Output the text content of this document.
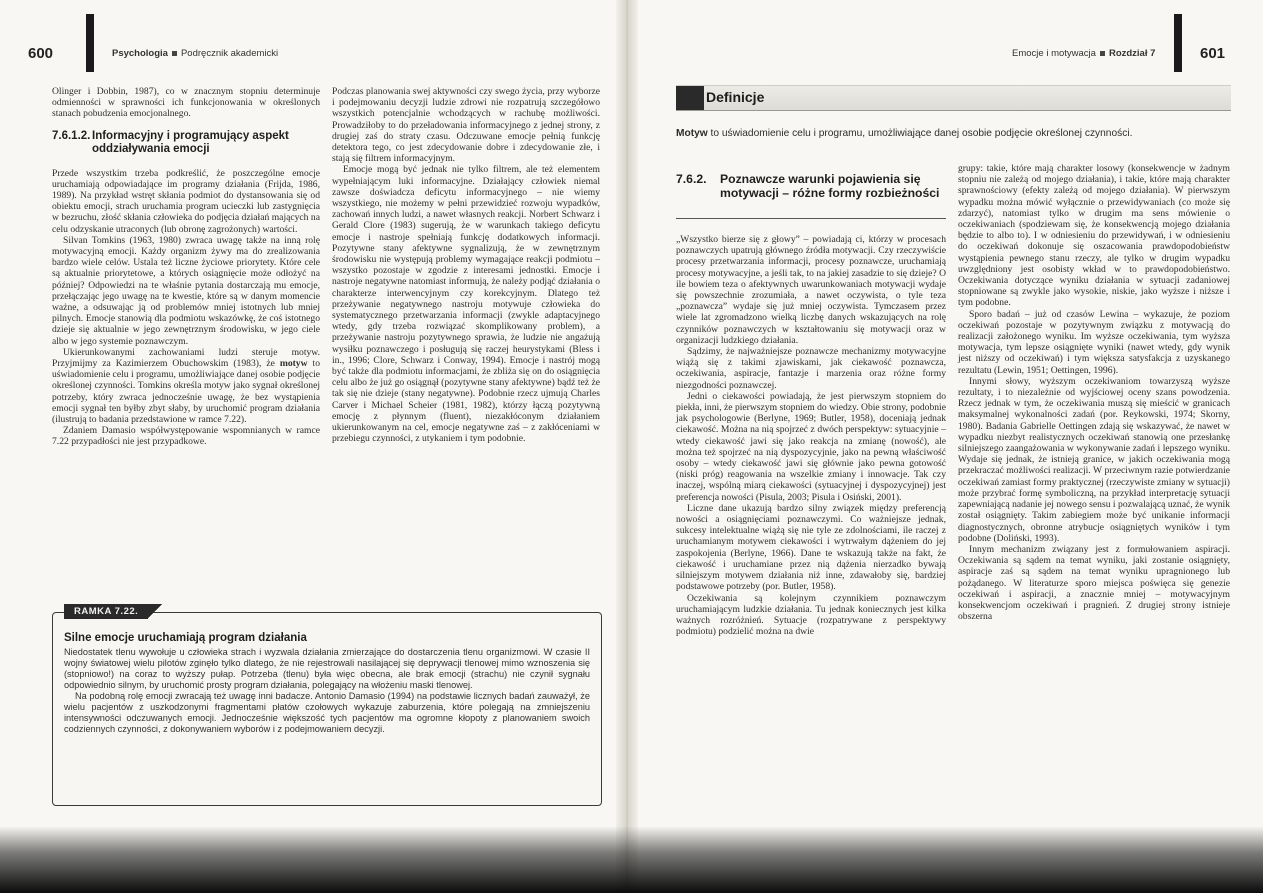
600	Psychologia Podręcznik akademicki

Olinger i Dobbin, 1987), co w znacznym stopniu determinuje odmienności w sprawności ich funkcjonowania w określonych stanach pobudzenia emocjonalnego.

7.6.1.2. Informacyjny i programujący aspekt oddziaływania emocji

Przede wszystkim trzeba podkreślić, że poszczególne emocje uruchamiają odpowiadające im programy działania (Frijda, 1986, 1989). Na przykład wstręt skłania podmiot do dystansowania się od obiektu emocji, strach uruchamia program ucieczki lub zastygnięcia w bezruchu, złość skłania człowieka do podjęcia działań mających na celu odzyskanie utraconych (lub obronę zagrożonych) wartości.

Silvan Tomkins (1963, 1980) zwraca uwagę także na inną rolę motywacyjną emocji. Każdy organizm żywy ma do zrealizowania bardzo wiele celów. Ustala też liczne życiowe priorytety. Które cele są aktualnie priorytetowe, a których osiągnięcie może odłożyć na później? Odpowiedzi na te właśnie pytania dostarczają mu emocje, przełączając jego uwagę na te kwestie, które są w danym momencie ważne, a odsuwając ją od problemów mniej istotnych lub mniej pilnych. Emocje stanowią dla podmiotu wskazówkę, że coś istotnego dzieje się aktualnie w jego zewnętrznym środowisku, w jego ciele albo w jego systemie poznawczym.

Ukierunkowanymi zachowaniami ludzi steruje motyw. Przyjmijmy za Kazimierzem Obuchowskim (1983), że motyw to uświadomienie celu i programu, umożliwiające danej osobie podjęcie określonej czynności. Tomkins określa motyw jako sygnał określonej potrzeby, który zwraca jednocześnie uwagę, że bez wystąpienia emocji sygnał ten byłby zbyt słaby, by uruchomić program działania (ilustrują to badania przedstawione w ramce 7.22).

Zdaniem Damasio współwystępowanie wspomnianych w ramce 7.22 przypadłości nie jest przypadkowe.

Podczas planowania swej aktywności czy swego życia, przy wyborze i podejmowaniu decyzji ludzie zdrowi nie rozpatrują szczegółowo wszystkich potencjalnie wchodzących w rachubę możliwości. Prowadziłoby to do przeładowania informacyjnego z jednej strony, z drugiej zaś do straty czasu. Odczuwane emocje pełnią funkcję detektora tego, co jest zdecydowanie dobre i zdecydowanie złe, i stają się filtrem informacyjnym.

Emocje mogą być jednak nie tylko filtrem, ale też elementem wypełniającym luki informacyjne. Działający człowiek niemal zawsze doświadcza deficytu informacyjnego – nie wiemy wszystkiego, nie możemy w pełni przewidzieć rozwoju wypadków, zachowań innych ludzi, a nawet własnych reakcji. Norbert Schwarz i Gerald Clore (1983) sugerują, że w warunkach takiego deficytu emocje i nastroje spełniają funkcję dodatkowych informacji. Pozytywne stany afektywne sygnalizują, że w zewnętrznym środowisku nie występują problemy wymagające reakcji podmiotu – wszystko pozostaje w zgodzie z interesami jednostki. Emocje i nastroje negatywne natomiast informują, że należy podjąć działania o charakterze interwencyjnym czy korekcyjnym. Dlatego też przeżywanie negatywnego nastroju motywuje człowieka do systematycznego przetwarzania informacji (zwykle adaptacyjnego wtedy, gdy trzeba rozwiązać skomplikowany problem), a przeżywanie nastroju pozytywnego sprawia, że ludzie nie angażują wysiłku poznawczego i posługują się raczej heurystykami (Bless i in., 1996; Clore, Schwarz i Conway, 1994). Emocje i nastrój mogą być także dla podmiotu informacjami, że zbliża się on do osiągnięcia celu albo że już go osiągnął (pozytywne stany afektywne) bądź też że tak się nie dzieje (stany negatywne). Podobnie rzecz ujmują Charles Carver i Michael Scheier (1981, 1982), którzy łączą pozytywną emocję z płynnym (fluent), niezakłóconym działaniem ukierunkowanym na cel, emocje negatywne zaś – z zakłóceniami w przebiegu czynności, z utykaniem i tym podobnie.

RAMKA 7.22.
Silne emocje uruchamiają program działania

Niedostatek tlenu wywołuje u człowieka strach i wyzwala działania zmierzające do dostarczenia tlenu organizmowi. W czasie II wojny światowej wielu pilotów zginęło tylko dlatego, że nie rejestrowali nasilającej się deprywacji tlenowej mimo wznoszenia się (stopniowo!) na coraz to wyższy pułap. Potrzeba (tlenu) była więc obecna, ale brak emocji (strachu) nie czynił sygnału odpowiednio silnym, by uruchomić prosty program działania, polegający na włożeniu maski tlenowej.

Na podobną rolę emocji zwracają też uwagę inni badacze. Antonio Damasio (1994) na podstawie licznych badań zauważył, że wielu pacjentów z uszkodzonymi fragmentami płatów czołowych wykazuje zaburzenia, które polegają na zmniejszeniu intensywności odczuwanych emocji. Jednocześnie większość tych pacjentów ma ogromne kłopoty z planowaniem swoich codziennych czynności, z dokonywaniem wyborów i z podejmowaniem decyzji.

Emocje i motywacja Rozdział 7	601
Definicje
Motyw to uświadomienie celu i programu, umożliwiające danej osobie podjęcie określonej czynności.
7.6.2. Poznawcze warunki pojawienia się motywacji – różne formy rozbieżności

„Wszystko bierze się z głowy” – powiadają ci, którzy w procesach poznawczych upatrują głównego źródła motywacji. Czy rzeczywiście procesy przetwarzania informacji, procesy poznawcze, uruchamiają procesy motywacyjne, a jeśli tak, to na jakiej zasadzie to się dzieje? O ile bowiem teza o afektywnych uwarunkowaniach motywacji wydaje się powszechnie zrozumiała, a nawet oczywista, o tyle teza „poznawcza” wydaje się już mniej oczywista. Tymczasem przez wiele lat zgromadzono wielką liczbę danych wskazujących na rolę czynników poznawczych w kształtowaniu się motywacji oraz w organizacji ludzkiego działania.

Sądzimy, że najważniejsze poznawcze mechanizmy motywacyjne wiążą się z takimi zjawiskami, jak ciekawość poznawcza, oczekiwania, aspiracje, fantazje i marzenia oraz różne formy niezgodności poznawczej.

Jedni o ciekawości powiadają, że jest pierwszym stopniem do piekła, inni, że pierwszym stopniem do wiedzy. Obie strony, podobnie jak psychologowie (Berlyne, 1969; Butler, 1958), doceniają jednak ciekawość. Można na nią spojrzeć z dwóch perspektyw: sytuacyjnie – wtedy ciekawość jawi się jako reakcja na zmianę (nowość), ale można też spojrzeć na nią dyspozycyjnie, jako na pewną właściwość osoby – wtedy ciekawość jawi się głównie jako pewna gotowość (niski próg) reagowania na wszelkie zmiany i innowacje. Tak czy inaczej, wspólną miarą ciekawości (sytuacyjnej i dyspozycyjnej) jest preferencja nowości (Pisula, 2003; Pisula i Osiński, 2001).

Liczne dane ukazują bardzo silny związek między preferencją nowości a osiągnięciami poznawczymi. Co ważniejsze jednak, sukcesy intelektualne wiążą się nie tyle ze zdolnościami, ile raczej z uruchamianym motywem ciekawości i wytrwałym dążeniem do jej zaspokojenia (Berlyne, 1966). Dane te wskazują także na fakt, że ciekawość i uruchamiane przez nią dążenia nierzadko bywają silniejszym motywem działania niż inne, zdawałoby się, bardziej podstawowe potrzeby (por. Butler, 1958).

Oczekiwania są kolejnym czynnikiem poznawczym uruchamiającym ludzkie działania. Tu jednak koniecznych jest kilka ważnych rozróżnień. Sytuacje (rozpatrywane z perspektywy podmiotu) podzielić można na dwie

grupy: takie, które mają charakter losowy (konsekwencje w żadnym stopniu nie zależą od mojego działania), i takie, które mają charakter sprawnościowy (efekty zależą od mojego działania). W pierwszym wypadku można mówić wyłącznie o przewidywaniach (co może się zdarzyć), natomiast tylko w drugim ma sens mówienie o oczekiwaniach (spodziewam się, że konsekwencją mojego działania będzie to albo to). I w odniesieniu do przewidywań, i w odniesieniu do oczekiwań dokonuje się oszacowania prawdopodobieństw wystąpienia pewnego stanu rzeczy, ale tylko w drugim wypadku uwzględniony jest osobisty wkład w to prawdopodobieństwo. Oczekiwania dotyczące wyniku działania w sytuacji zadaniowej stopniowane są zwykle jako wysokie, niskie, jako wyższe i niższe i tym podobne.

Sporo badań – już od czasów Lewina – wykazuje, że poziom oczekiwań pozostaje w pozytywnym związku z motywacją do realizacji założonego wyniku. Im wyższe oczekiwania, tym wyższa motywacja, tym lepsze osiągnięte wyniki (nawet wtedy, gdy wynik jest niższy od oczekiwań) i tym większa satysfakcja z uzyskanego rezultatu (Lewin, 1951; Oettingen, 1996).

Innymi słowy, wyższym oczekiwaniom towarzyszą wyższe rezultaty, i to niezależnie od wyjściowej oceny szans powodzenia. Rzecz jednak w tym, że oczekiwania muszą się mieścić w granicach maksymalnej wykonalności zadań (por. Reykowski, 1974; Skorny, 1980). Badania Gabrielle Oettingen zdają się wskazywać, że nawet w wypadku niezbyt realistycznych oczekiwań stanowią one przesłankę silniejszego zaangażowania w wykonywanie zadań i lepszego wyniku. Wydaje się jednak, że istnieją granice, w jakich oczekiwania mogą przekraczać możliwości realizacji. W przeciwnym razie potwierdzanie oczekiwań zamiast formy praktycznej (rzeczywiste zmiany w sytuacji) może przybrać formę symboliczną, na przykład interpretację sytuacji zapewniającą nadanie jej nowego sensu i pozwalającą uznać, że wynik został osiągnięty. Takim zabiegiem może być unikanie informacji diagnostycznych, obronne atrybucje osiągniętych wyników i tym podobne (Doliński, 1993).

Innym mechanizm związany jest z formułowaniem aspiracji. Oczekiwania są sądem na temat wyniku, jaki zostanie osiągnięty, aspiracje zaś są sądem na temat wyniku upragnionego lub pożądanego. W literaturze sporo miejsca poświęca się genezie oczekiwań i aspiracji, a znacznie mniej – motywacyjnym konsekwencjom oczekiwań i pragnień. Z drugiej strony istnieje obszerna
